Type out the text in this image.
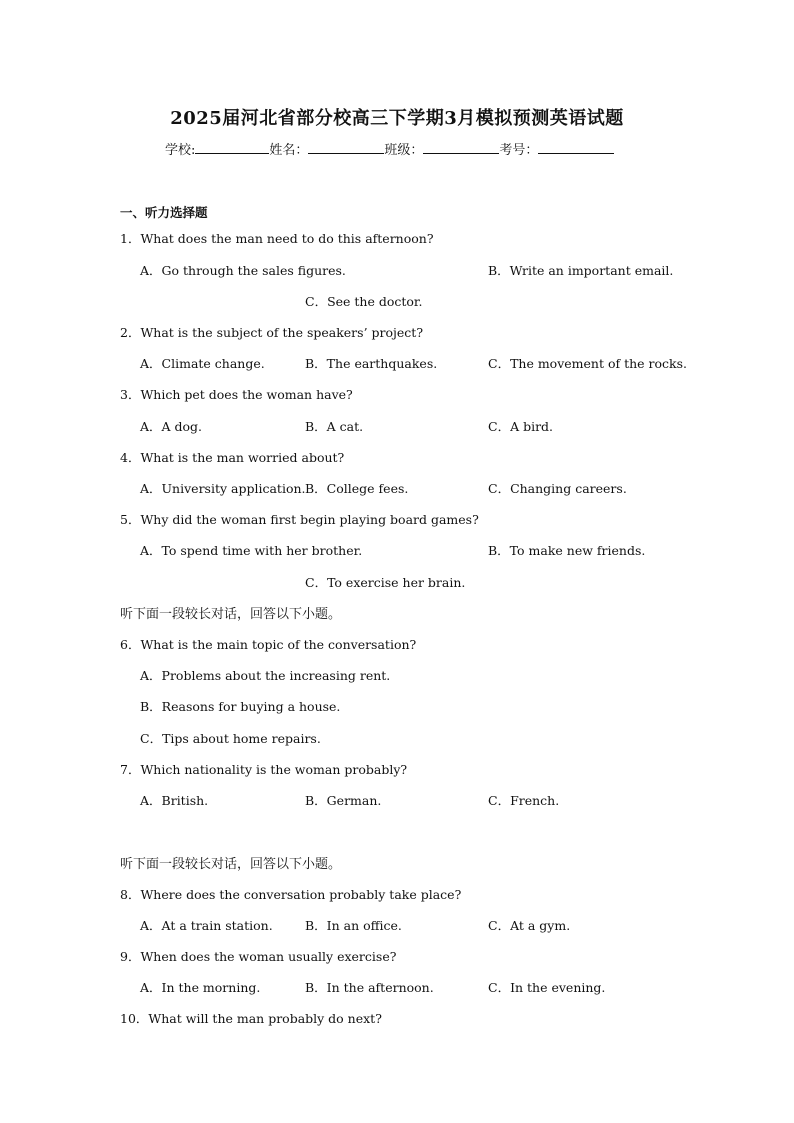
2025届河北省部分校高三下学期3月模拟预测英语试题
学校:	姓名：	班级：	考号：
一、听力选择题
1．What does the man need to do this afternoon?
A．Go through the sales figures.	B．Write an important email.
C．See the doctor.
2．What is the subject of the speakers’ project?
A．Climate change.	B．The earthquakes.	C．The movement of the rocks.
3．Which pet does the woman have?
A．A dog.	B．A cat.	C．A bird.
4．What is the man worried about?
A．University application. B．College fees.	C．Changing careers.
5．Why did the woman first begin playing board games?
A．To spend time with her brother.	B．To make new friends.
C．To exercise her brain.
听下面一段较长对话，回答以下小题。
6．What is the main topic of the conversation?
A．Problems about the increasing rent.
B．Reasons for buying a house.
C．Tips about home repairs.
7．Which nationality is the woman probably?
A．British.	B．German.	C．French.
听下面一段较长对话，回答以下小题。
8．Where does the conversation probably take place?
A．At a train station.	B．In an office.	C．At a gym.
9．When does the woman usually exercise?
A．In the morning.	B．In the afternoon.	C．In the evening.
10．What will the man probably do next?
